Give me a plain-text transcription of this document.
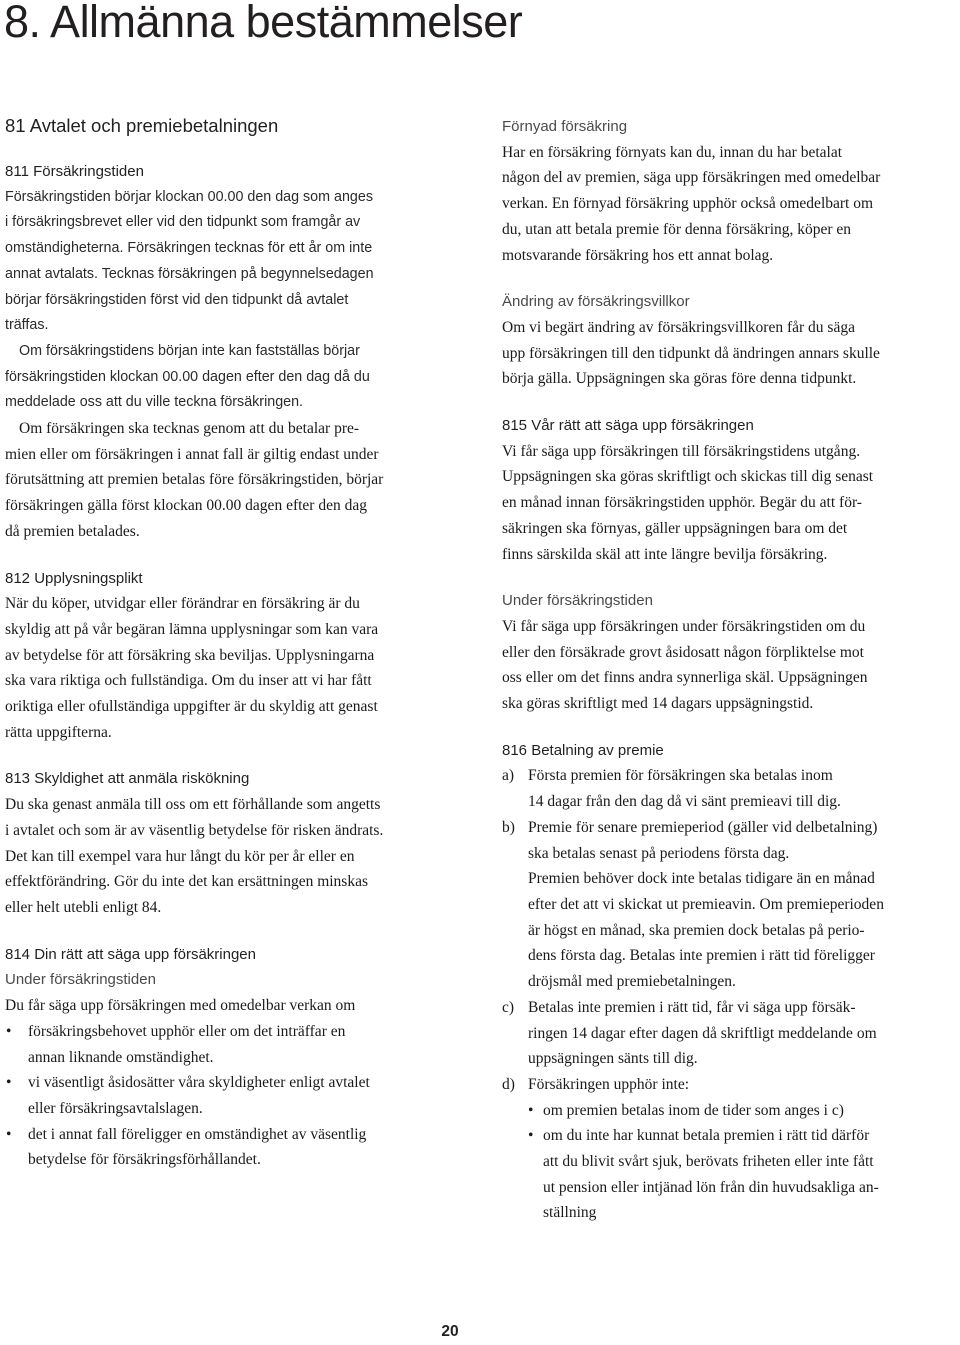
8. Allmänna bestämmelser
81 Avtalet och premiebetalningen
811 Försäkringstiden

Försäkringstiden börjar klockan 00.00 den dag som anges
i försäkringsbrevet eller vid den tidpunkt som framgår av
omständigheterna. Försäkringen tecknas för ett år om inte
annat avtalats. Tecknas försäkringen på begynnelsedagen
börjar försäkringstiden först vid den tidpunkt då avtalet
träffas.
Om försäkringstidens början inte kan fastställas börjar
försäkringstiden klockan 00.00 dagen efter den dag då du
meddelade oss att du ville teckna försäkringen.
Om försäkringen ska tecknas genom att du betalar pre-
mien eller om försäkringen i annat fall är giltig endast under
förutsättning att premien betalas före försäkringstiden, börjar
försäkringen gälla först klockan 00.00 dagen efter den dag
då premien betalades.

812 Upplysningsplikt

När du köper, utvidgar eller förändrar en försäkring är du
skyldig att på vår begäran lämna upplysningar som kan vara
av betydelse för att försäkring ska beviljas. Upplysningarna
ska vara riktiga och fullständiga. Om du inser att vi har fått
oriktiga eller ofullständiga uppgifter är du skyldig att genast
rätta uppgifterna.

813 Skyldighet att anmäla riskökning

Du ska genast anmäla till oss om ett förhållande som angetts
i avtalet och som är av väsentlig betydelse för risken ändrats.
Det kan till exempel vara hur långt du kör per år eller en
effektförändring. Gör du inte det kan ersättningen minskas
eller helt utebli enligt 84.

814 Din rätt att säga upp försäkringen
Under försäkringstiden

Du får säga upp försäkringen med omedelbar verkan om
• försäkringsbehovet upphör eller om det inträffar en
annan liknande omständighet.
• vi väsentligt åsidosätter våra skyldigheter enligt avtalet
eller försäkringsavtalslagen.
• det i annat fall föreligger en omständighet av väsentlig
betydelse för försäkringsförhållandet.

Förnyad försäkring

Har en försäkring förnyats kan du, innan du har betalat
någon del av premien, säga upp försäkringen med omedelbar
verkan. En förnyad försäkring upphör också omedelbart om
du, utan att betala premie för denna försäkring, köper en
motsvarande försäkring hos ett annat bolag.

Ändring av försäkringsvillkor

Om vi begärt ändring av försäkringsvillkoren får du säga
upp försäkringen till den tidpunkt då ändringen annars skulle
börja gälla. Uppsägningen ska göras före denna tidpunkt.

815 Vår rätt att säga upp försäkringen

Vi får säga upp försäkringen till försäkringstidens utgång.
Uppsägningen ska göras skriftligt och skickas till dig senast
en månad innan försäkringstiden upphör. Begär du att för-
säkringen ska förnyas, gäller uppsägningen bara om det
finns särskilda skäl att inte längre bevilja försäkring.

Under försäkringstiden

Vi får säga upp försäkringen under försäkringstiden om du
eller den försäkrade grovt åsidosatt någon förpliktelse mot
oss eller om det finns andra synnerliga skäl. Uppsägningen
ska göras skriftligt med 14 dagars uppsägningstid.

816 Betalning av premie

a) Första premien för försäkringen ska betalas inom
14 dagar från den dag då vi sänt premieavi till dig.
b) Premie för senare premieperiod (gäller vid delbetalning)
ska betalas senast på periodens första dag.
Premien behöver dock inte betalas tidigare än en månad
efter det att vi skickat ut premieavin. Om premieperioden
är högst en månad, ska premien dock betalas på perio-
dens första dag. Betalas inte premien i rätt tid föreligger
dröjsmål med premiebetalningen.
c) Betalas inte premien i rätt tid, får vi säga upp försäk-
ringen 14 dagar efter dagen då skriftligt meddelande om
uppsägningen sänts till dig.
d) Försäkringen upphör inte:
• om premien betalas inom de tider som anges i c)
• om du inte har kunnat betala premien i rätt tid därför
att du blivit svårt sjuk, berövats friheten eller inte fått
ut pension eller intjänad lön från din huvudsakliga an-
ställning

20
